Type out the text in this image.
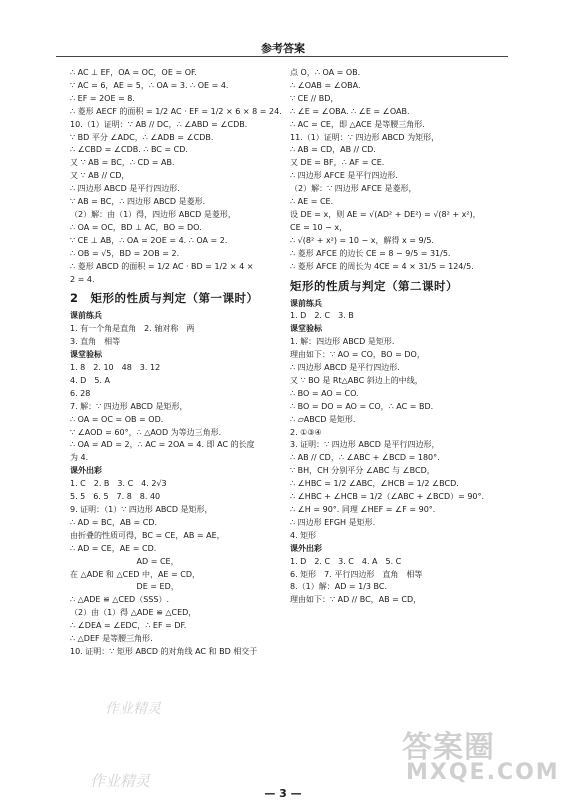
参考答案
∴ AC ⊥ EF，OA = OC，OE = OF.
∵ AC = 6，AE = 5，∴ OA = 3. ∴ OE = 4.
∴ EF = 2OE = 8.
∴ 菱形 AECF 的面积 = 1/2 AC · EF = 1/2 × 6 × 8 = 24.
10.（1）证明：∵ AB // DC，∴ ∠ABD = ∠CDB.
∵ BD 平分 ∠ADC，∴ ∠ADB = ∠CDB.
∴ ∠CBD = ∠CDB. ∴ BC = CD.
又 ∵ AB = BC，∴ CD = AB.
又 ∵ AB // CD，
∴ 四边形 ABCD 是平行四边形.
∵ AB = BC，∴ 四边形 ABCD 是菱形.
（2）解：由（1）得，四边形 ABCD 是菱形，
∴ OA = OC，BD ⊥ AC，BO = DO.
∵ CE ⊥ AB，∴ OA = 2OE = 4. ∴ OA = 2.
∴ OB = √5，BD = 2OB = 2.
∴ 菱形 ABCD 的面积 = 1/2 AC · BD = 1/2 × 4 ×
2 = 4.
2　矩形的性质与判定（第一课时）
课前练兵
1. 有一个角是直角　2. 轴对称　两
3. 直角　相等
课堂验标
1. 8　2. 10　48　3. 12
4. D　5. A
6. 28
7. 解：∵ 四边形 ABCD 是矩形，
∴ OA = OC = OB = OD.
∵ ∠AOD = 60°，∴ △AOD 为等边三角形.
∴ OA = AD = 2，∴ AC = 2OA = 4. 即 AC 的长度
为 4.
课外出彩
1. C　2. B　3. C　4. 2√3
5. 5　6. 5　7. 8　8. 40
9. 证明：（1）∵ 四边形 ABCD 是矩形，
∴ AD = BC，AB = CD.
由折叠的性质可得，BC = CE，AB = AE，
∴ AD = CE，AE = CD.
　　　　　　　　 AD = CE，
在 △ADE 和 △CED 中，AE = CD，
　　　　　　　　 DE = ED，
∴ △ADE ≌ △CED（SSS）.
（2）由（1）得 △ADE ≌ △CED，
∴ ∠DEA = ∠EDC，∴ EF = DF.
∴ △DEF 是等腰三角形.
10. 证明：∵ 矩形 ABCD 的对角线 AC 和 BD 相交于
点 O，∴ OA = OB.
∴ ∠OAB = ∠OBA.
∵ CE // BD，
∴ ∠E = ∠OBA. ∴ ∠E = ∠OAB.
∴ AC = CE，即 △ACE 是等腰三角形.
11.（1）证明：∵ 四边形 ABCD 为矩形，
∴ AB = CD，AB // CD.
又 DE = BF，∴ AF = CE.
∴ 四边形 AFCE 是平行四边形.
（2）解：∵ 四边形 AFCE 是菱形，
∴ AE = CE.
设 DE = x，则 AE = √(AD² + DE²) = √(8² + x²)，
CE = 10 − x，
∴ √(8² + x²) = 10 − x，解得 x = 9/5.
∴ 菱形 AFCE 的边长 CE = 8 − 9/5 = 31/5.
∴ 菱形 AFCE 的周长为 4CE = 4 × 31/5 = 124/5.
矩形的性质与判定（第二课时）
课前练兵
1. D　2. C　3. B
课堂验标
1. 解：四边形 ABCD 是矩形.
理由如下：∵ AO = CO，BO = DO，
∴ 四边形 ABCD 是平行四边形.
又 ∵ BO 是 Rt△ABC 斜边上的中线，
∴ BO = AO = CO.
∴ BO = DO = AO = CO，∴ AC = BD.
∴ ▱ABCD 是矩形.
2. ①③④
3. 证明：∵ 四边形 ABCD 是平行四边形，
∴ AB // CD，∴ ∠ABC + ∠BCD = 180°.
∵ BH，CH 分别平分 ∠ABC 与 ∠BCD，
∴ ∠HBC = 1/2 ∠ABC，∠HCB = 1/2 ∠BCD.
∴ ∠HBC + ∠HCB = 1/2（∠ABC + ∠BCD）= 90°.
∴ ∠H = 90°. 同理 ∠HEF = ∠F = 90°.
∴ 四边形 EFGH 是矩形.
4. 矩形
课外出彩
1. D　2. C　3. C　4. A　5. C
6. 矩形　7. 平行四边形　直角　相等
8.（1）解：AD = 1/3 BC.
理由如下：∵ AD // BC，AB = CD，
作业精灵
作业精灵
答案圈
MXQE.COM
— 3 —
